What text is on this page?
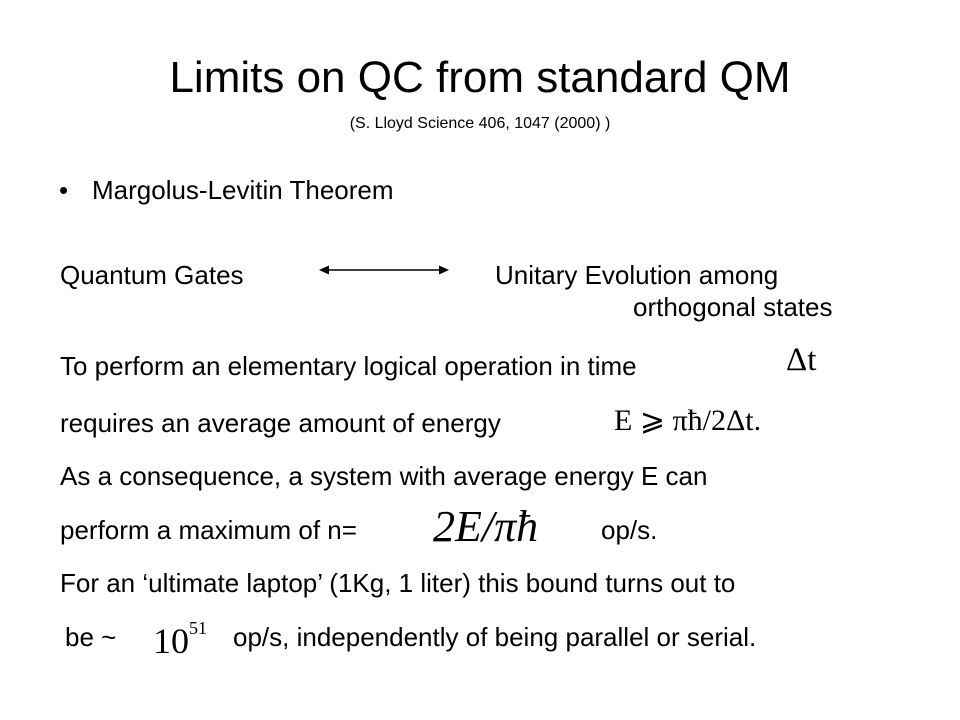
Limits on QC from standard QM
(S. Lloyd Science 406, 1047 (2000) )
• Margolus-Levitin Theorem
Quantum Gates	Unitary Evolution among
orthogonal states
To perform an elementary logical operation in time	Δt
requires an average amount of energy	E ⩾ πħ/2Δt.
As a consequence, a system with average energy E can
perform a maximum of n= 2E/πħ op/s.
For an ‘ultimate laptop’ (1Kg, 1 liter) this bound turns out to
be ~ $10^{51}$ op/s, independently of being parallel or serial.
